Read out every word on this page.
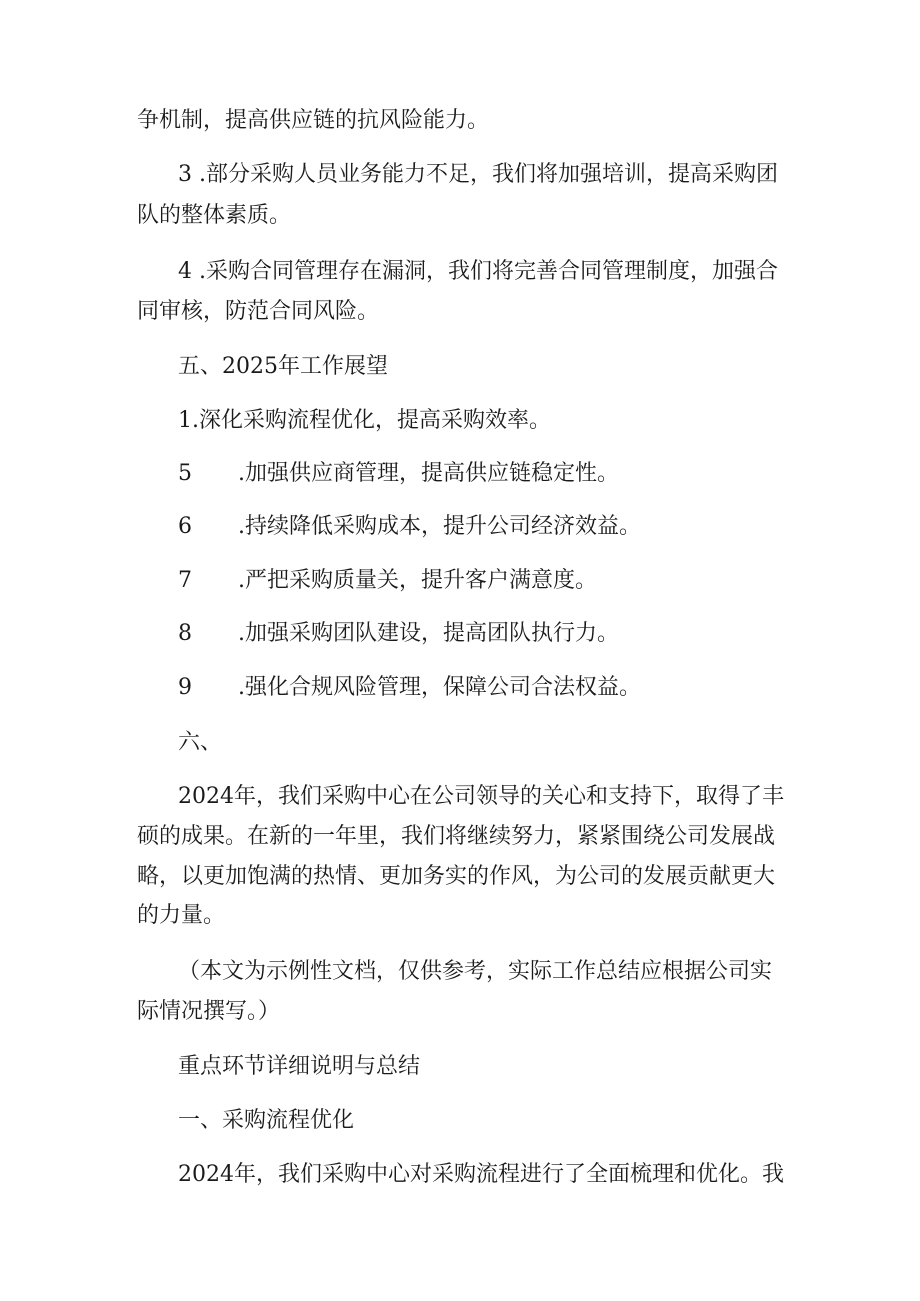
争机制，提高供应链的抗风险能力。
3 .部分采购人员业务能力不足，我们将加强培训，提高采购团
队的整体素质。
4 .采购合同管理存在漏洞，我们将完善合同管理制度，加强合
同审核，防范合同风险。
五、2025年工作展望
1.深化采购流程优化，提高采购效率。
5 .加强供应商管理，提高供应链稳定性。
6 .持续降低采购成本，提升公司经济效益。
7 .严把采购质量关，提升客户满意度。
8 .加强采购团队建设，提高团队执行力。
9 .强化合规风险管理，保障公司合法权益。
六、
2024年，我们采购中心在公司领导的关心和支持下，取得了丰
硕的成果。在新的一年里，我们将继续努力，紧紧围绕公司发展战
略，以更加饱满的热情、更加务实的作风，为公司的发展贡献更大
的力量。
（本文为示例性文档，仅供参考，实际工作总结应根据公司实
际情况撰写。）
重点环节详细说明与总结
一、采购流程优化
2024年，我们采购中心对采购流程进行了全面梳理和优化。我
